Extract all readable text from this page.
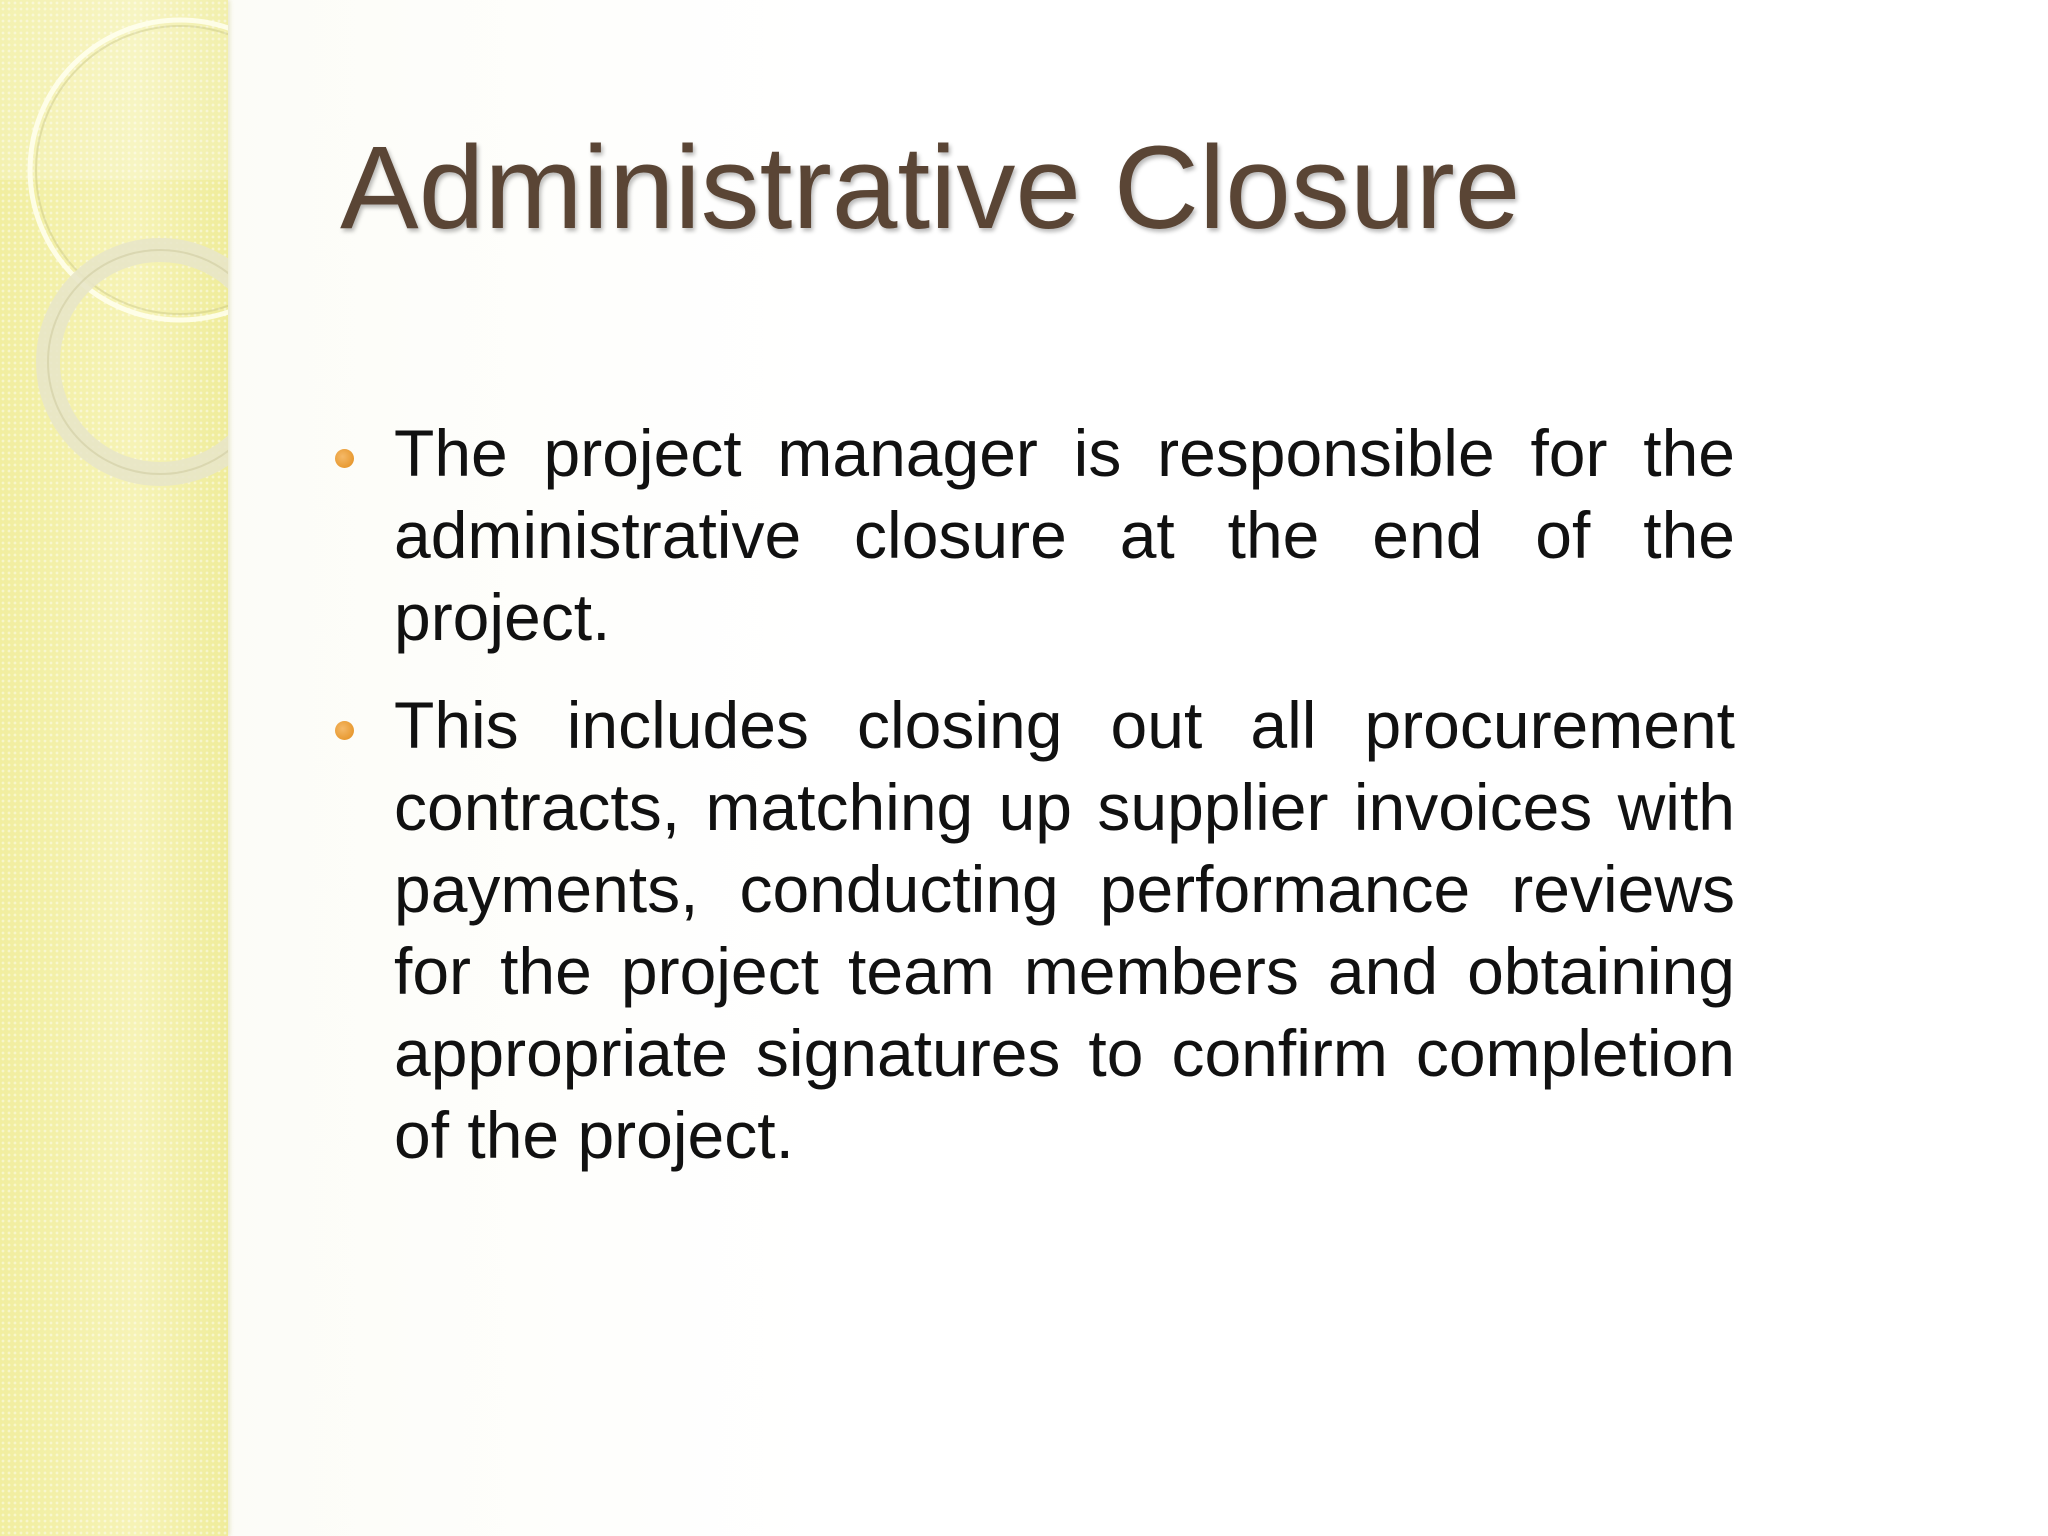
Administrative Closure
The project manager is responsible for the administrative closure at the end of the project.
This includes closing out all procurement contracts, matching up supplier invoices with payments, conducting performance reviews for the project team members and obtaining appropriate signatures to confirm completion of the project.
